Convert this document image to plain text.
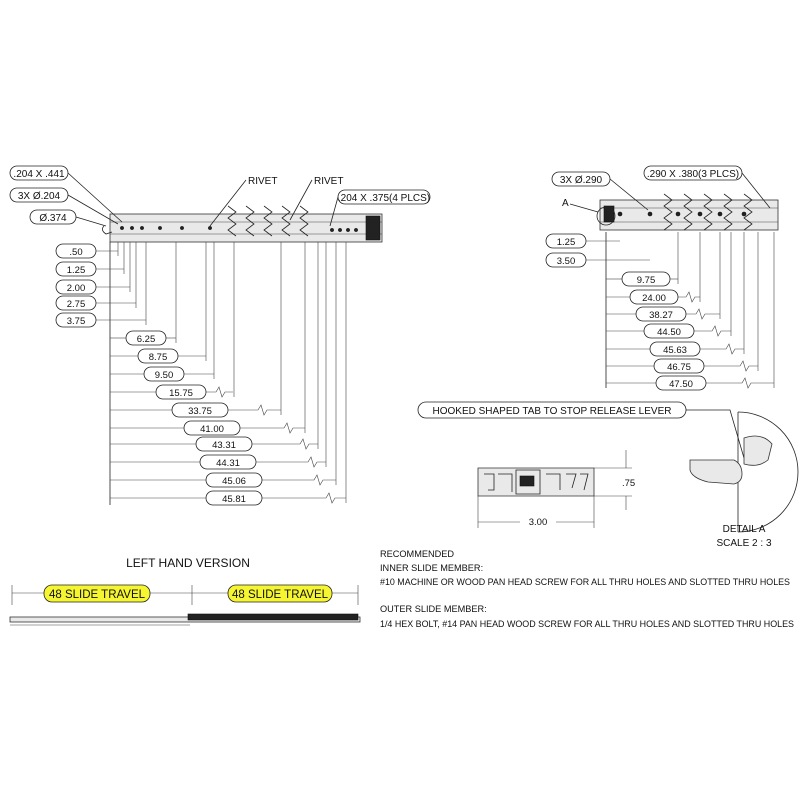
.204 X .441
3X Ø.204
Ø.374
RIVET	RIVET
.204 X .375(4 PLCS)
.50
1.25
2.00
2.75
3.75
6.25
8.75
9.50
15.75
33.75
41.00
43.31
44.31
45.06
45.81
A
3X Ø.290
.290 X .380(3 PLCS)
1.25
3.50
9.75
24.00
38.27
44.50
45.63
46.75
47.50
HOOKED SHAPED TAB TO STOP RELEASE LEVER
.75
3.00
DETAIL A
SCALE 2 : 3
LEFT HAND VERSION
48 SLIDE TRAVEL	48 SLIDE TRAVEL
RECOMMENDED
INNER SLIDE MEMBER:
#10 MACHINE OR WOOD PAN HEAD SCREW FOR ALL THRU HOLES AND SLOTTED THRU HOLES
OUTER SLIDE MEMBER:
1/4 HEX BOLT, #14 PAN HEAD WOOD SCREW FOR ALL THRU HOLES AND SLOTTED THRU HOLES
